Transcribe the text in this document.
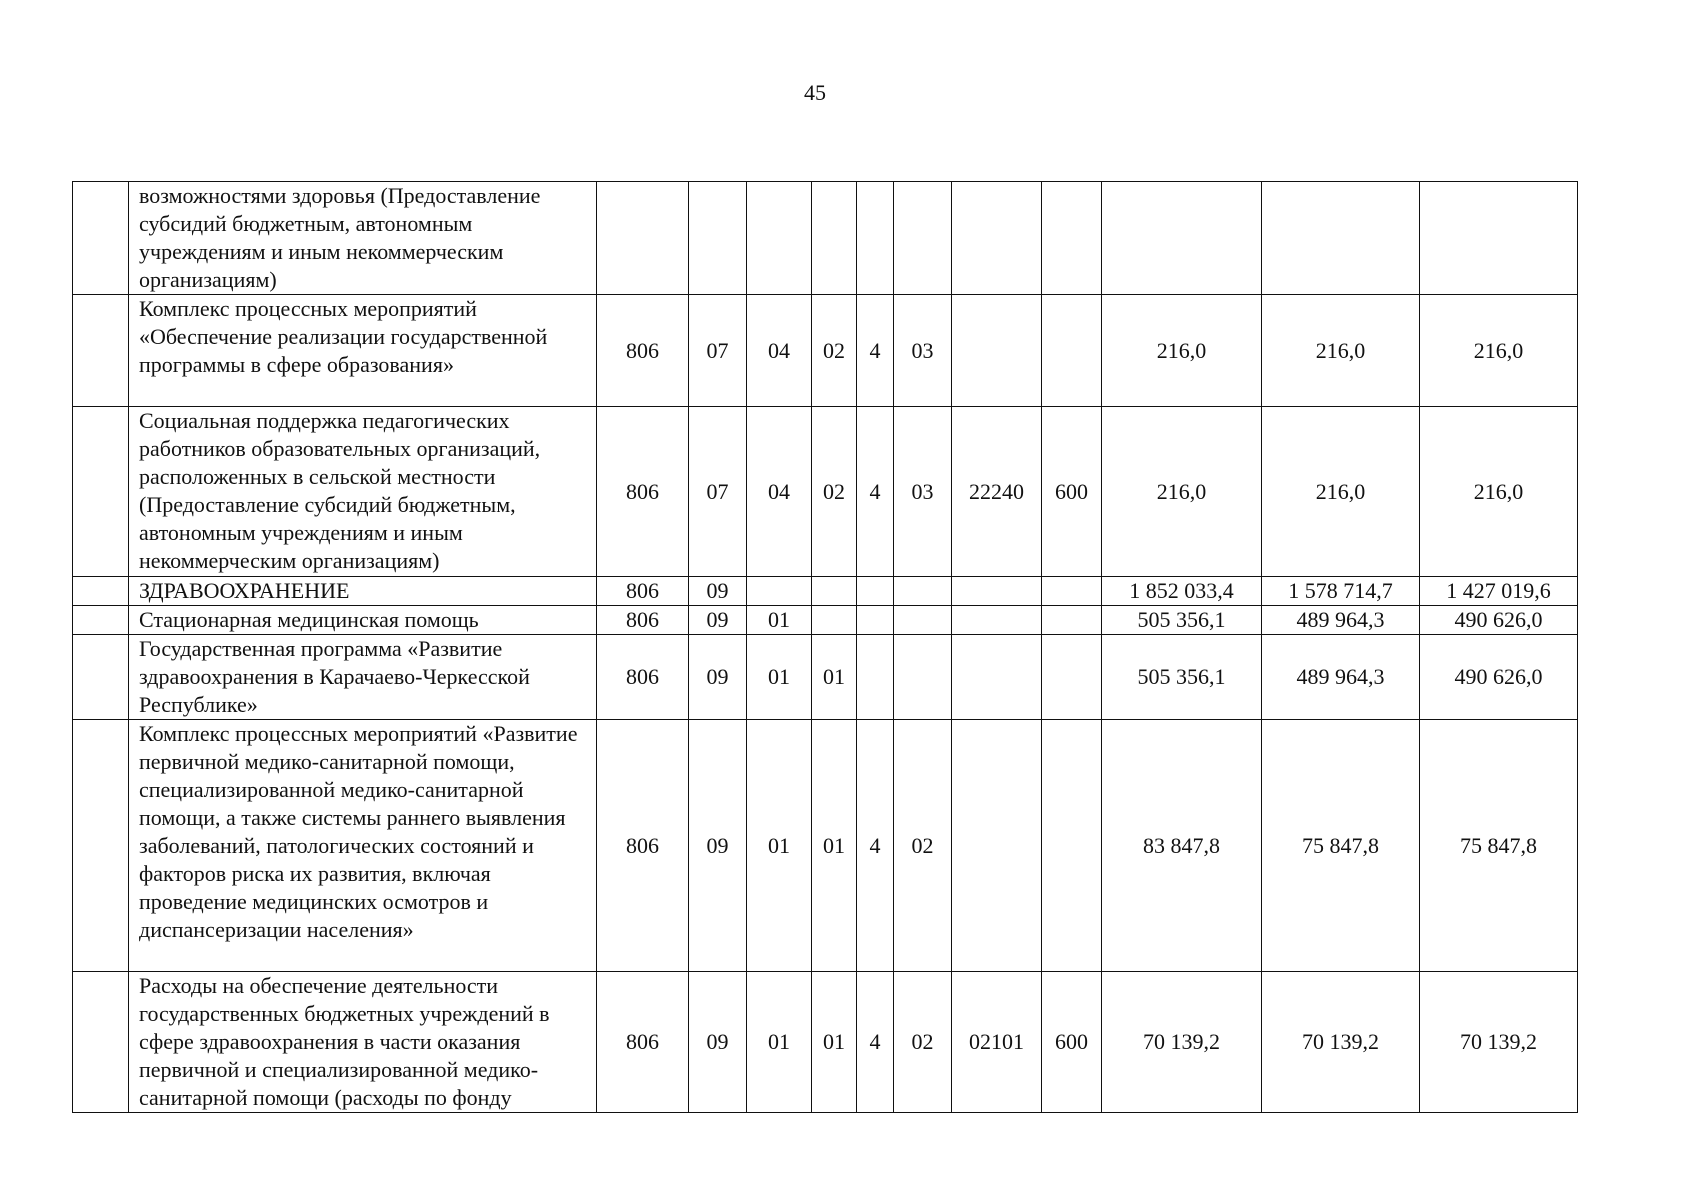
45
	возможностями здоровья (Предоставление субсидий бюджетным, автономным учреждениям и иным некоммерческим организациям)											
	Комплекс процессных мероприятий «Обеспечение реализации государственной программы в сфере образования»	806	07	04	02	4	03			216,0	216,0	216,0
	Социальная поддержка педагогических работников образовательных организаций, расположенных в сельской местности (Предоставление субсидий бюджетным, автономным учреждениям и иным некоммерческим организациям)	806	07	04	02	4	03	22240	600	216,0	216,0	216,0
	ЗДРАВООХРАНЕНИЕ	806	09							1 852 033,4	1 578 714,7	1 427 019,6
	Стационарная медицинская помощь	806	09	01						505 356,1	489 964,3	490 626,0
	Государственная программа «Развитие здравоохранения в Карачаево-Черкесской Республике»	806	09	01	01					505 356,1	489 964,3	490 626,0
	Комплекс процессных мероприятий «Развитие первичной медико-санитарной помощи, специализированной медико-санитарной помощи, а также системы раннего выявления заболеваний, патологических состояний и факторов риска их развития, включая проведение медицинских осмотров и диспансеризации населения»	806	09	01	01	4	02			83 847,8	75 847,8	75 847,8
	Расходы на обеспечение деятельности государственных бюджетных учреждений в сфере здравоохранения в части оказания первичной и специализированной медико-санитарной помощи (расходы по фонду	806	09	01	01	4	02	02101	600	70 139,2	70 139,2	70 139,2
